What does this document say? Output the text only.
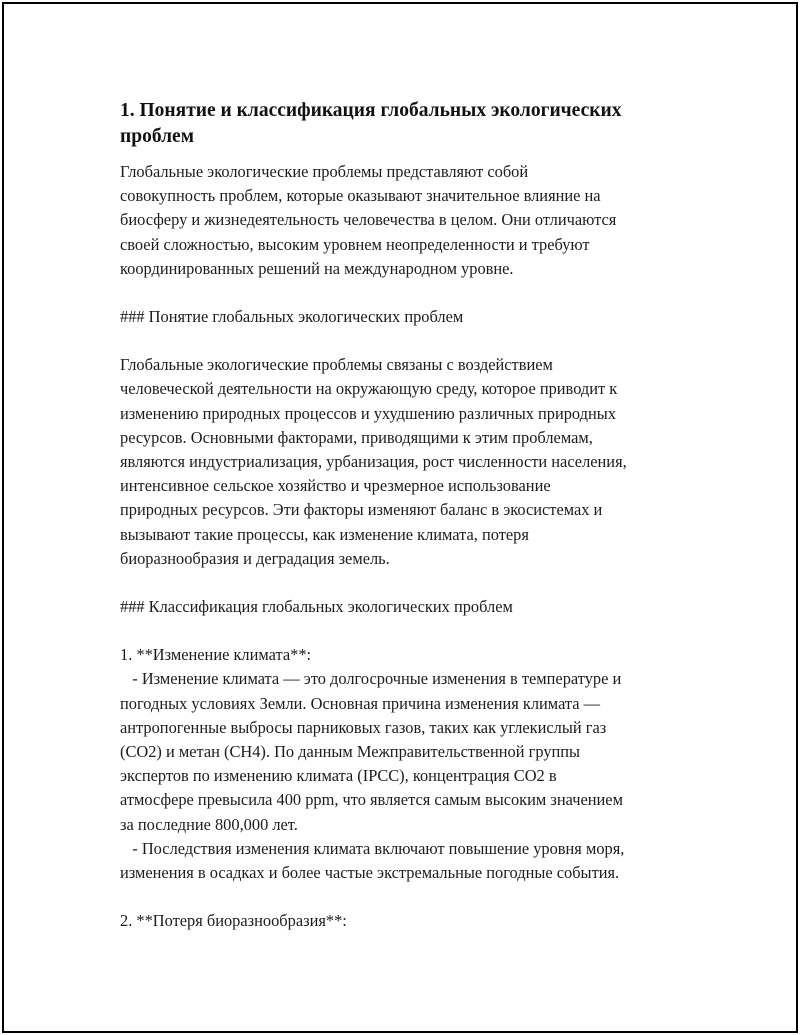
1. Понятие и классификация глобальных экологических проблем

Глобальные экологические проблемы представляют собой
совокупность проблем, которые оказывают значительное влияние на
биосферу и жизнедеятельность человечества в целом. Они отличаются
своей сложностью, высоким уровнем неопределенности и требуют
координированных решений на международном уровне.

### Понятие глобальных экологических проблем

Глобальные экологические проблемы связаны с воздействием
человеческой деятельности на окружающую среду, которое приводит к
изменению природных процессов и ухудшению различных природных
ресурсов. Основными факторами, приводящими к этим проблемам,
являются индустриализация, урбанизация, рост численности населения,
интенсивное сельское хозяйство и чрезмерное использование
природных ресурсов. Эти факторы изменяют баланс в экосистемах и
вызывают такие процессы, как изменение климата, потеря
биоразнообразия и деградация земель.

### Классификация глобальных экологических проблем

1. **Изменение климата**:
- Изменение климата — это долгосрочные изменения в температуре и
погодных условиях Земли. Основная причина изменения климата —
антропогенные выбросы парниковых газов, таких как углекислый газ
(CO2) и метан (CH4). По данным Межправительственной группы
экспертов по изменению климата (IPCC), концентрация CO2 в
атмосфере превысила 400 ppm, что является самым высоким значением
за последние 800,000 лет.
- Последствия изменения климата включают повышение уровня моря,
изменения в осадках и более частые экстремальные погодные события.

2. **Потеря биоразнообразия**:
